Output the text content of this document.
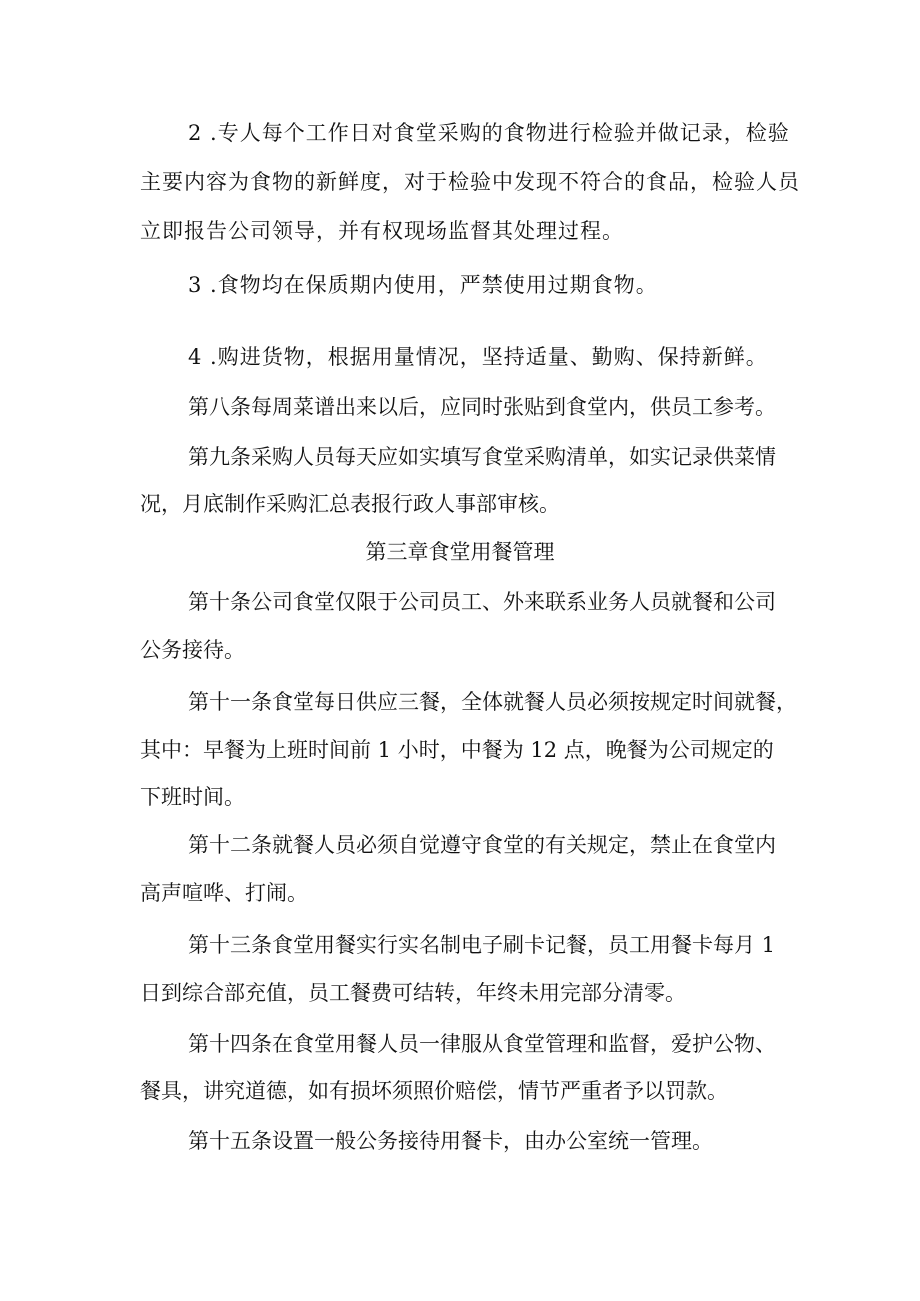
2 .专人每个工作日对食堂采购的食物进行检验并做记录，检验
主要内容为食物的新鲜度，对于检验中发现不符合的食品，检验人员
立即报告公司领导，并有权现场监督其处理过程。
3 .食物均在保质期内使用，严禁使用过期食物。
4 .购进货物，根据用量情况，坚持适量、勤购、保持新鲜。
第八条每周菜谱出来以后，应同时张贴到食堂内，供员工参考。
第九条采购人员每天应如实填写食堂采购清单，如实记录供菜情
况，月底制作采购汇总表报行政人事部审核。
第三章食堂用餐管理
第十条公司食堂仅限于公司员工、外来联系业务人员就餐和公司
公务接待。
第十一条食堂每日供应三餐，全体就餐人员必须按规定时间就餐，
其中：早餐为上班时间前 1 小时，中餐为 12 点，晚餐为公司规定的
下班时间。
第十二条就餐人员必须自觉遵守食堂的有关规定，禁止在食堂内
高声喧哗、打闹。
第十三条食堂用餐实行实名制电子刷卡记餐，员工用餐卡每月 1
日到综合部充值，员工餐费可结转，年终未用完部分清零。
第十四条在食堂用餐人员一律服从食堂管理和监督，爱护公物、
餐具，讲究道德，如有损坏须照价赔偿，情节严重者予以罚款。
第十五条设置一般公务接待用餐卡，由办公室统一管理。
